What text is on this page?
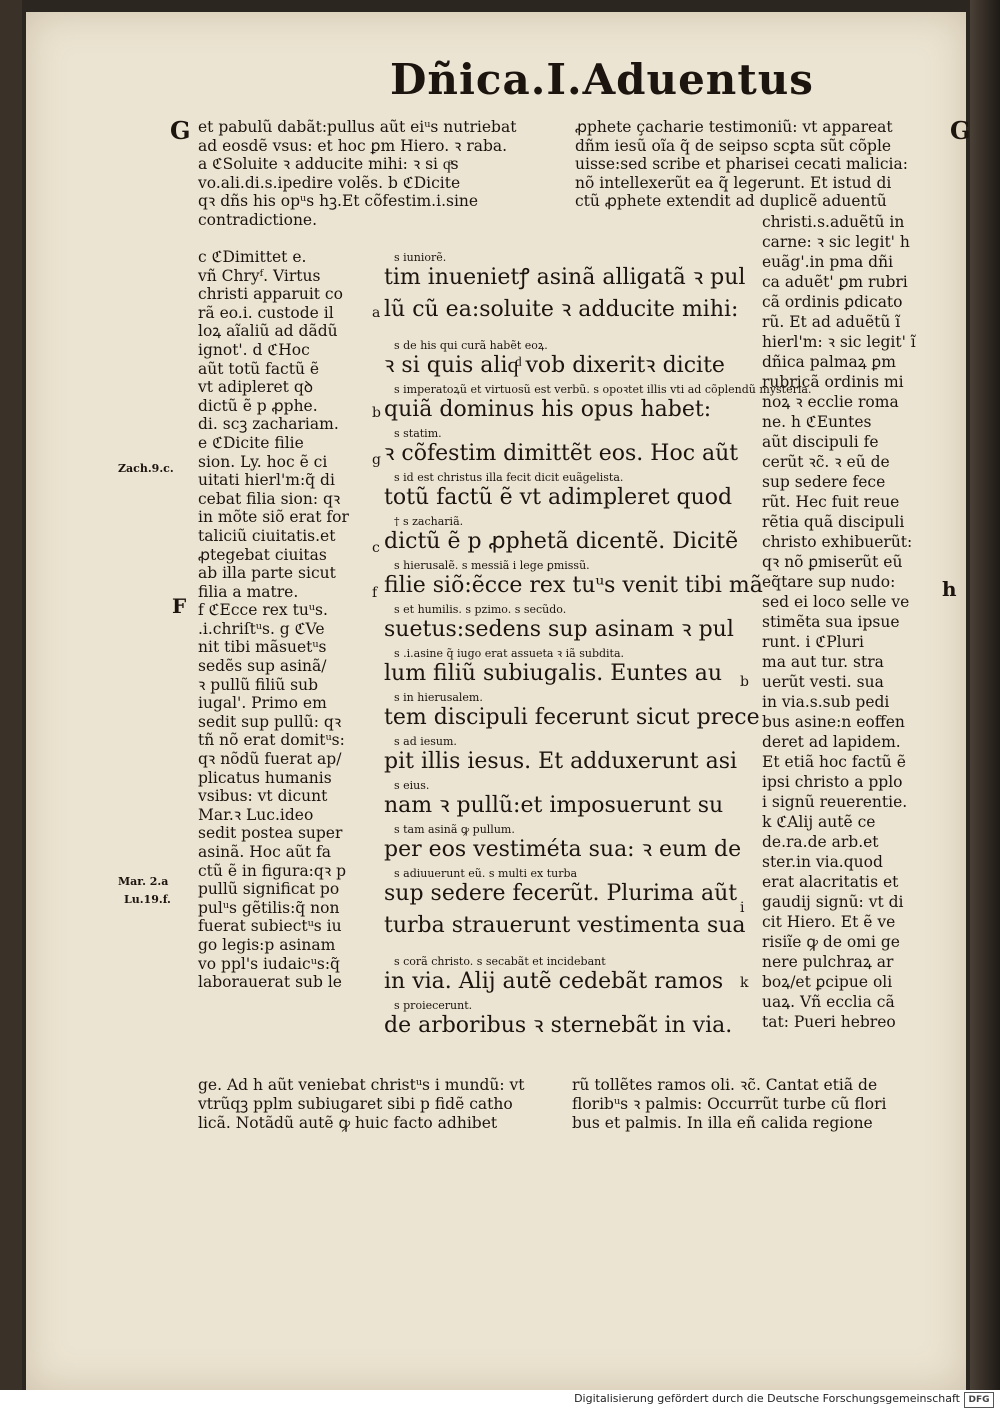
Dñica.I.Aduentus
G	G
h
F
Zach.9.c.
Mar. 2.a
Lu.19.f.
et pabulũ dabãt:pullus aũt eiᵘs nutriebat
ad eosdẽ vsus: et hoc ꝑm Hiero. ꝛ raba.
a ℭSoluite ꝛ adducite mihi: ꝛ si qͣs
vo.ali.di.s.ipedire volẽs. b ℭDicite
qꝛ dñs his opᵘs hꝫ.Et cõfestim.i.sine
contradictione.
ꝓphete çacharie testimoniũ: vt appareat
dñm iesũ oĩa q̃ de seipso scꝑta sũt cõple
uisse:sed scribe et pharisei cecati malicia:
nõ intellexerũt ea q̃ legerunt. Et istud di
ctũ ꝓphete extendit ad duplicẽ aduentũ
c ℭDimittet e.
vñ Chryᶠ. Virtus
christi apparuit co
rã eo.i. custode il
loꝝ aĩaliũ ad dãdũ
ignot'. d ℭHoc
aũt totũ factũ ẽ
vt adipleret qꝺ
dictũ ẽ p ꝓphe.
di. scꝫ zachariam.
e ℭDicite filie
sion. Ly. hoc ẽ ci
uitati hierl'm:q̃ di
cebat filia sion: qꝛ
in mõte siõ erat for
taliciũ ciuitatis.et
ꝓtegebat ciuitas
ab illa parte sicut
filia a matre.
f ℭEcce rex tuᵘs.
.i.chriſtᵘs. g ℭVe
nit tibi mãsuetᵘs
sedẽs sup asinã/
ꝛ pullũ filiũ sub
iugal'. Primo em
sedit sup pullũ: qꝛ
tñ nõ erat domitᵘs:
qꝛ nõdũ fuerat ap/
plicatus humanis
vsibus: vt dicunt
Mar.ꝛ Luc.ideo
sedit postea super
asinã. Hoc aũt fa
ctũ ẽ in figura:qꝛ p
pullũ significat po
pulᵘs gẽtilis:q̃ non
fuerat subiectᵘs iu
go legis:p asinam
vo ppl's iudaicᵘs:q̃
laborauerat sub le
christi.s.aduẽtũ in
carne: ꝛ sic legit' h
euãg'.in pma dñi
ca aduẽt' ꝑm rubri
cã ordinis ꝑdicato
rũ. Et ad aduẽtũ ĩ
hierl'm: ꝛ sic legit' ĩ
dñica palmaꝝ ꝑm
rubricã ordinis mi
noꝝ ꝛ ecclie roma
ne. h ℭEuntes
aũt discipuli fe
cerũt ꝛc̃. ꝛ eũ de
sup sedere fece
rũt. Hec fuit reue
rẽtia quã discipuli
christo exhibuerũt:
qꝛ nõ ꝑmiserũt eũ
eq̃tare sup nudo:
sed ei loco selle ve
stimẽta sua ipsue
runt. i ℭPluri
ma aut tur. stra
uerũt vesti. sua
in via.s.sub pedi
bus asine:n eoffen
deret ad lapidem.
Et etiã hoc factũ ẽ
ipsi christo a pplo
i signũ reuerentie.
k ℭAlij autẽ ce
de.ra.de arb.et
ster.in via.quod
erat alacritatis et
gaudij signũ: vt di
cit Hiero. Et ẽ ve
risiĩe ꝙ de omi ge
nere pulchraꝝ ar
boꝝ/et ꝑcipue oli
uaꝝ. Vñ ecclia cã
tat: Pueri hebreo
s iuniorẽ.
tim inuenietꝭ asinã alligatã ꝛ pul
lũ cũ ea:soluite ꝛ adducite mihi:
s de his qui curã habẽt eoꝝ.
ꝛ si quis aliqͩ vob dixeritꝛ dicite
s imperatoꝝũ et virtuosũ est verbũ. s opoꝛtet illis vti ad cõplendũ mysteria.
quiã dominus his opus habet:
s statim.
ꝛ cõfestim dimittẽt eos. Hoc aũt
s id est christus illa fecit dicit euãgelista.
totũ factũ ẽ vt adimpleret quod
† s zachariã.
dictũ ẽ p ꝓphetã dicentẽ. Dicitẽ
s hierusalẽ. s messiã i lege ꝑmissũ.
filie siõ:ẽcce rex tuᵘs venit tibi mã
s et humilis. s pzimo. s secũdo.
suetus:sedens sup asinam ꝛ pul
s .i.asine q̃ iugo erat assueta ꝛ iã subdita.
lum filiũ subiugalis. Euntes au
s in hierusalem.
tem discipuli fecerunt sicut prece
s ad iesum.
pit illis iesus. Et adduxerunt asi
s eius.
nam ꝛ pullũ:et imposuerunt su
s tam asinã ꝙ pullum.
per eos vestiméta sua: ꝛ eum de
s adiuuerunt eũ. s multi ex turba
sup sedere fecerũt. Plurima aũt
turba strauerunt vestimenta sua
s corã christo. s secabãt et incidebant
in via. Alij autẽ cedebãt ramos
s proiecerunt.
de arboribus ꝛ sternebãt in via.
a
b
g
c
f
b
i
k
ge. Ad h aũt veniebat christᵘs i mundũ: vt
vtrũqꝫ pplm subiugaret sibi p fidẽ catho
licã. Notãdũ autẽ ꝙ huic facto adhibet
rũ tollẽtes ramos oli. ꝛc̃. Cantat etiã de
floribᵘs ꝛ palmis: Occurrũt turbe cũ flori
bus et palmis. In illa eñ calida regione
Digitalisierung gefördert durch die Deutsche Forschungsgemeinschaft DFG
